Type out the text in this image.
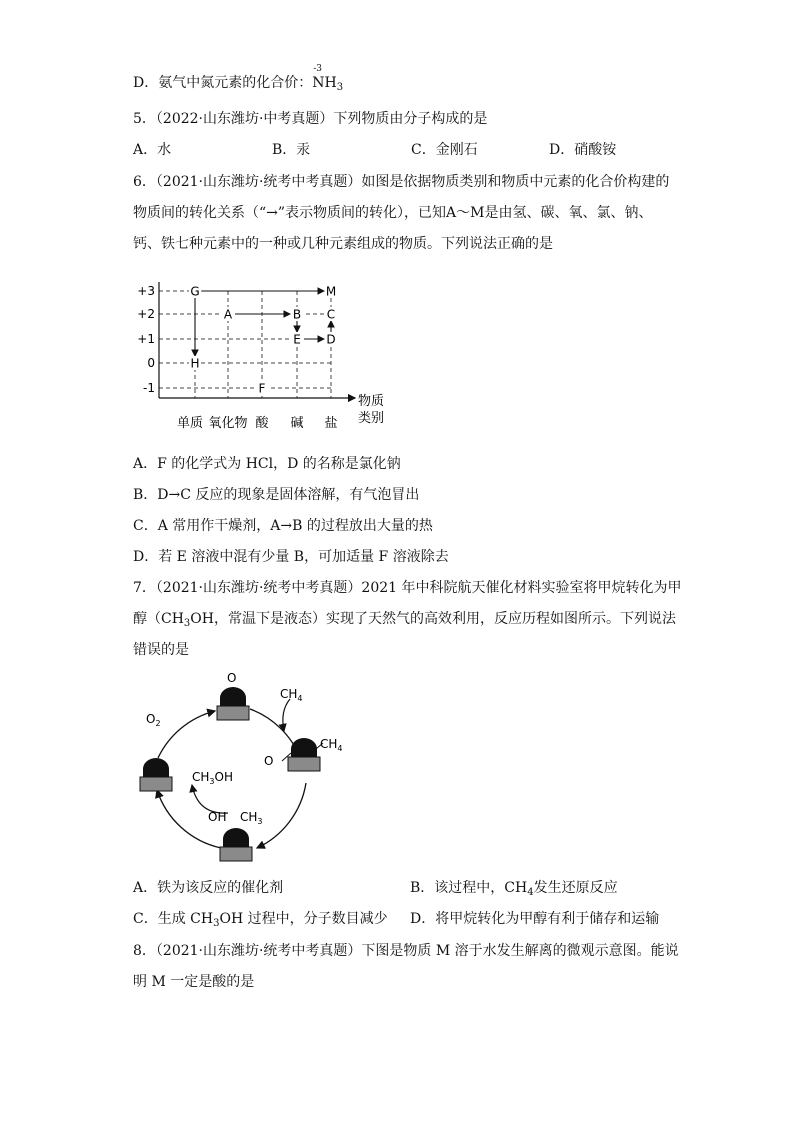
D．氨气中氮元素的化合价：
-3
$NH_3$
5．（2022·山东潍坊·中考真题）下列物质由分子构成的是
A．水	B．汞	C．金刚石	D．硝酸铵
6．（2021·山东潍坊·统考中考真题）如图是依据物质类别和物质中元素的化合价构建的
物质间的转化关系（“→”表示物质间的转化），已知A～M是由氢、碳、氧、氯、钠、
钙、铁七种元素中的一种或几种元素组成的物质。下列说法正确的是
+3
+2
+1
0
-1
G	M
A	B C
E D
H
F
单质 氧化物 酸 碱 盐
物质
类别
A．F 的化学式为 HCl，D 的名称是氯化钠
B．D→C 反应的现象是固体溶解，有气泡冒出
C．A 常用作干燥剂，A→B 的过程放出大量的热
D．若 E 溶液中混有少量 B，可加适量 F 溶液除去
7．（2021·山东潍坊·统考中考真题）2021 年中科院航天催化材料实验室将甲烷转化为甲
醇（$CH_3OH$，常温下是液态）实现了天然气的高效利用，反应历程如图所示。下列说法
错误的是
O
$CH_4$
$O_2$
O
$CH_4$
$CH_3OH$
OH $CH_3$
A．铁为该反应的催化剂	B．该过程中，$CH_4$发生还原反应
C．生成 $CH_3OH$ 过程中，分子数目减少 D．将甲烷转化为甲醇有利于储存和运输
8．（2021·山东潍坊·统考中考真题）下图是物质 M 溶于水发生解离的微观示意图。能说
明 M 一定是酸的是
